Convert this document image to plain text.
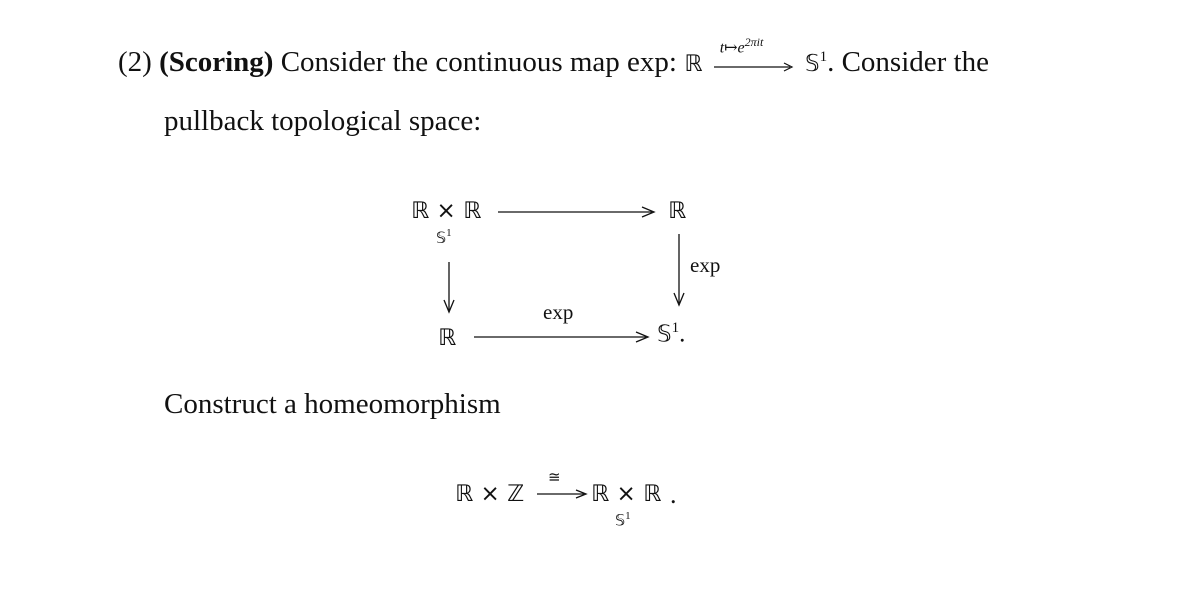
(2) (Scoring) Consider the continuous map exp: ℝ
$t↦e^{2\pi it}$
𝕊$^1$. Consider the
pullback topological space:
ℝ × ℝ
𝕊$^1$
ℝ
ℝ	𝕊$^1$.
exp
exp
Construct a homeomorphism
ℝ × ℤ
≅
ℝ × ℝ .
𝕊$^1$
